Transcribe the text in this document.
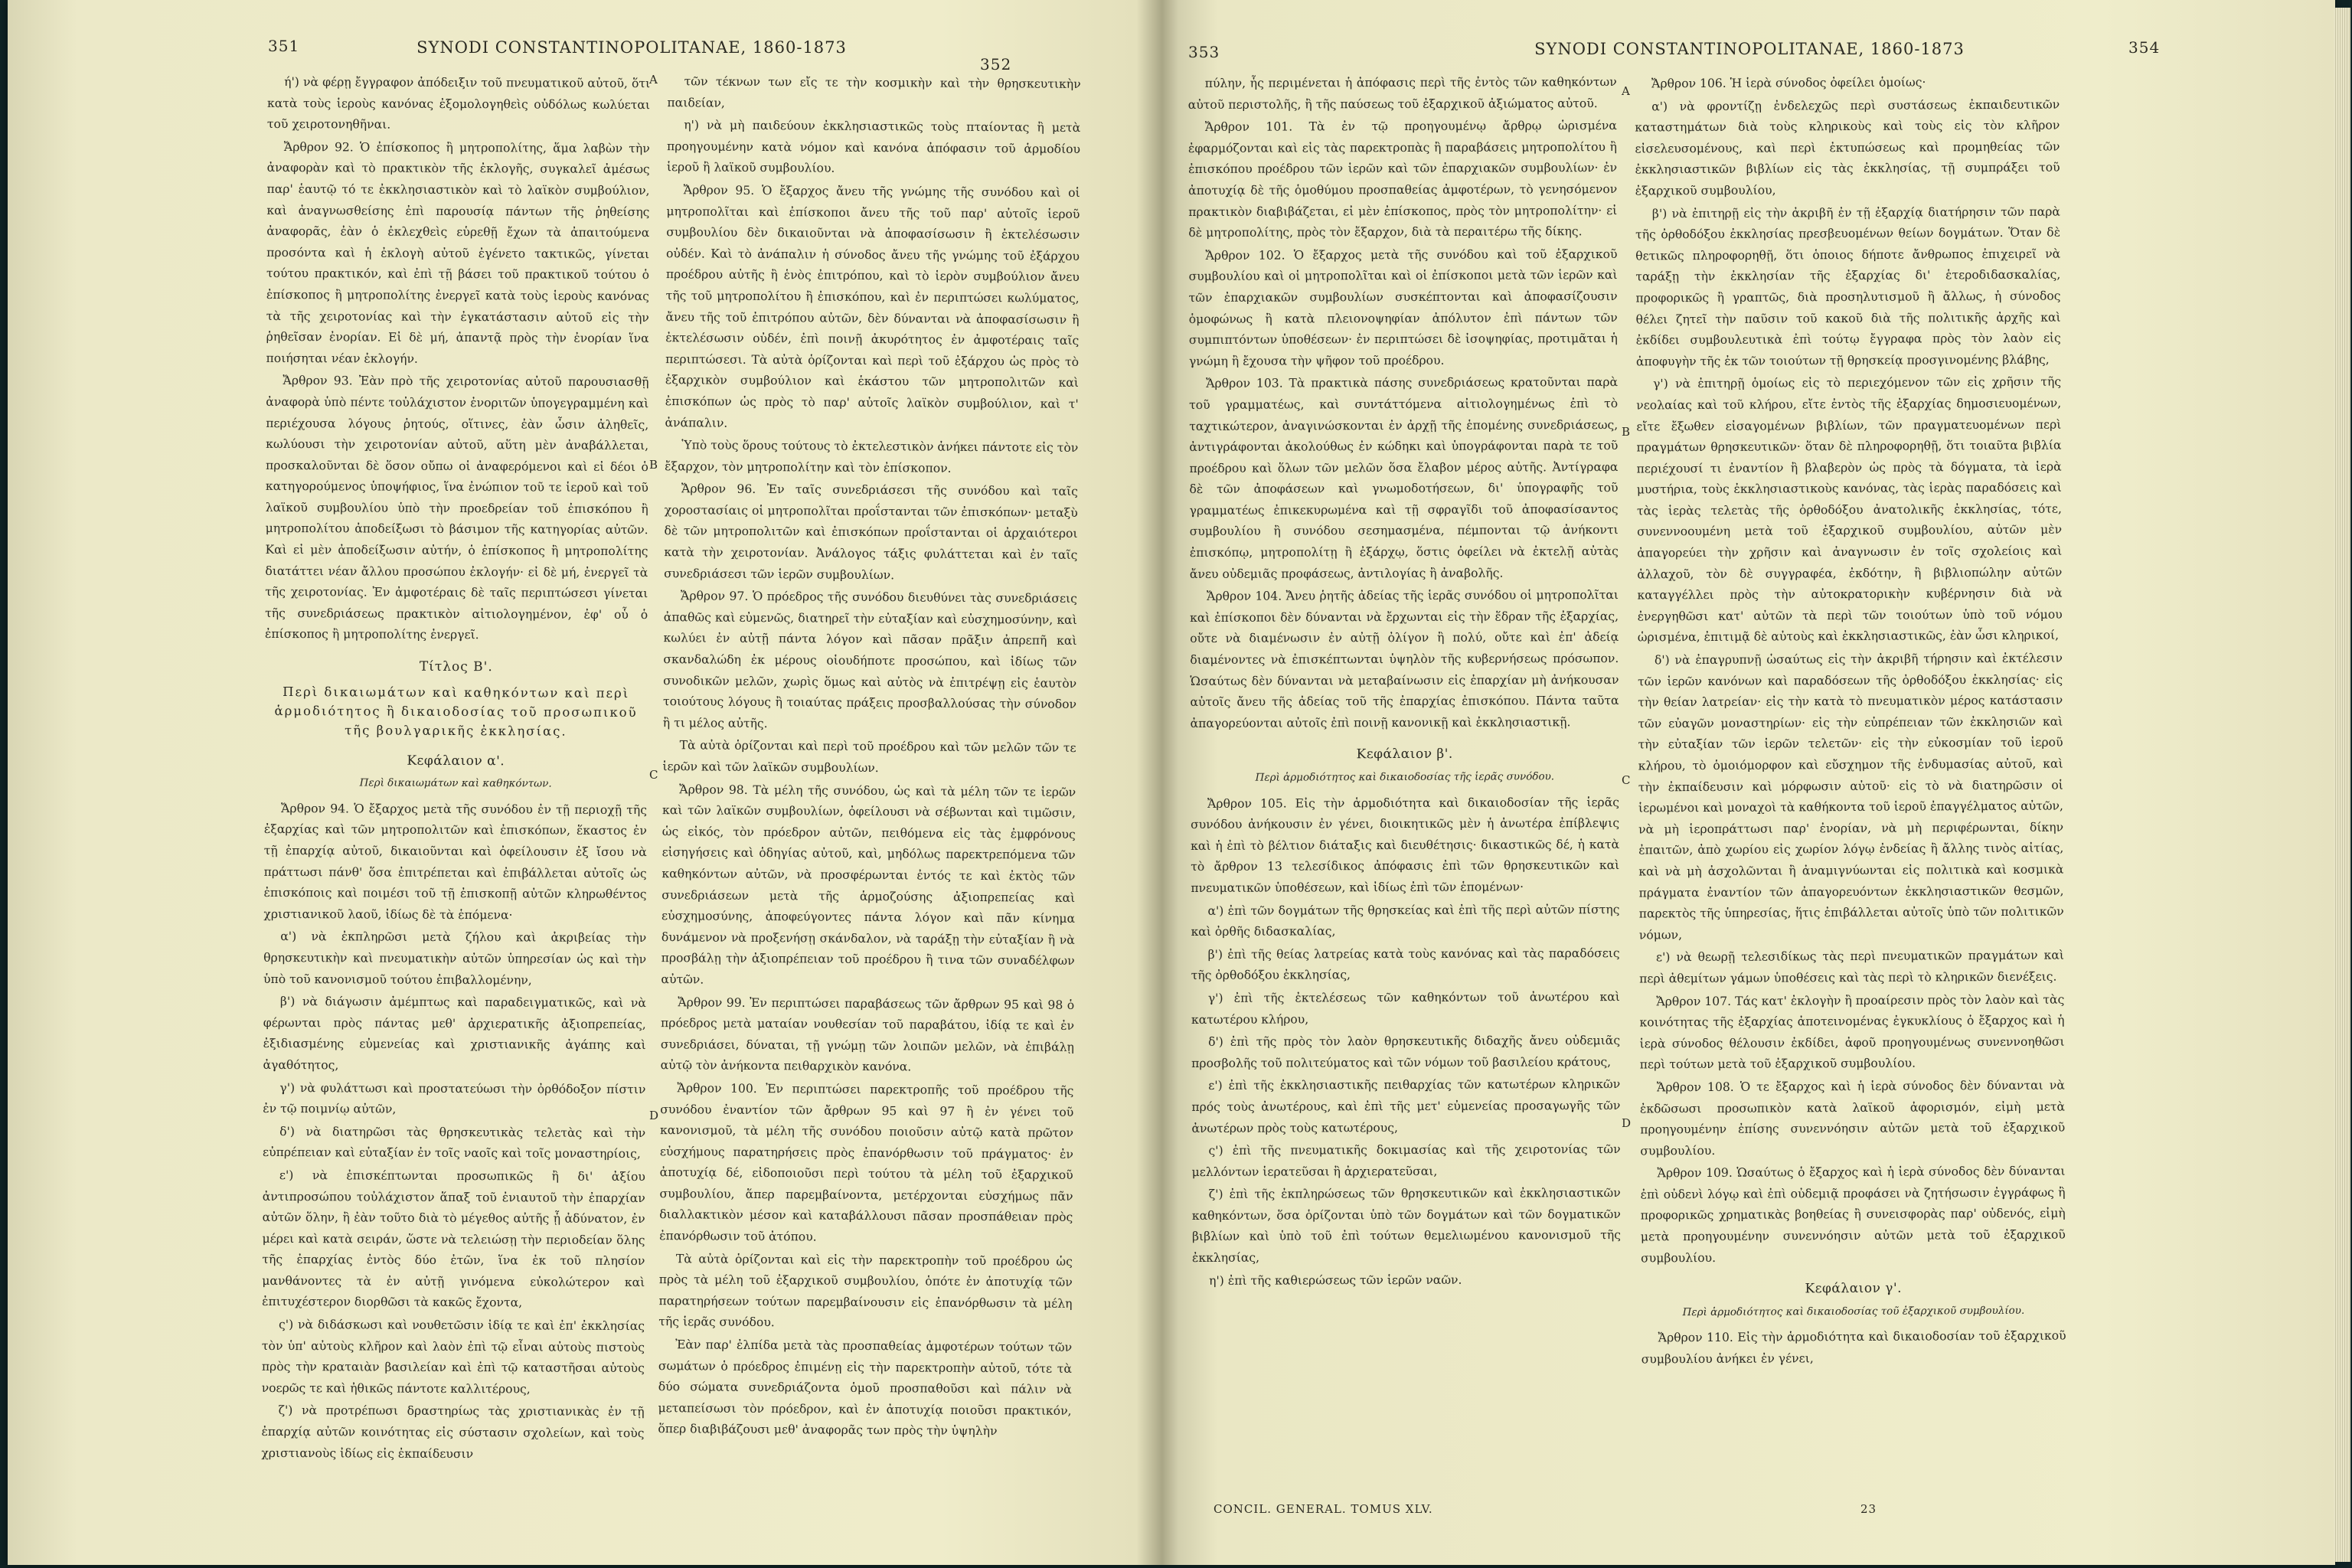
351	SYNODI CONSTANTINOPOLITANAE, 1860-1873
352

ή') νὰ φέρῃ ἔγγραφον ἀπόδειξιν τοῦ πνευματικοῦ αὐτοῦ, ὅτι κατὰ τοὺς ἱεροὺς κανόνας ἐξομολογηθεὶς οὐδόλως κωλύεται τοῦ χειροτονηθῆναι.

Ἄρθρον 92. Ὁ ἐπίσκοπος ἢ μητροπολίτης, ἅμα λαβὼν τὴν ἀναφορὰν καὶ τὸ πρακτικὸν τῆς ἐκλογῆς, συγκαλεῖ ἀμέσως παρ' ἑαυτῷ τό τε ἐκκλησιαστικὸν καὶ τὸ λαϊκὸν συμβούλιον, καὶ ἀναγνωσθείσης ἐπὶ παρουσίᾳ πάντων τῆς ῥηθείσης ἀναφορᾶς, ἐὰν ὁ ἐκλεχθεὶς εὑρεθῇ ἔχων τὰ ἀπαιτούμενα προσόντα καὶ ἡ ἐκλογὴ αὐτοῦ ἐγένετο τακτικῶς, γίνεται τούτου πρακτικόν, καὶ ἐπὶ τῇ βάσει τοῦ πρακτικοῦ τούτου ὁ ἐπίσκοπος ἢ μητροπολίτης ἐνεργεῖ κατὰ τοὺς ἱεροὺς κανόνας τὰ τῆς χειροτονίας καὶ τὴν ἐγκατάστασιν αὐτοῦ εἰς τὴν ῥηθεῖσαν ἐνορίαν. Εἰ δὲ μή, ἀπαντᾷ πρὸς τὴν ἐνορίαν ἵνα ποιήσηται νέαν ἐκλογήν.

Ἄρθρον 93. Ἐὰν πρὸ τῆς χειροτονίας αὐτοῦ παρουσιασθῇ ἀναφορὰ ὑπὸ πέντε τοὐλάχιστον ἐνοριτῶν ὑπογεγραμμένη καὶ περιέχουσα λόγους ῥητούς, οἵτινες, ἐὰν ὦσιν ἀληθεῖς, κωλύουσι τὴν χειροτονίαν αὐτοῦ, αὕτη μὲν ἀναβάλλεται, προσκαλοῦνται δὲ ὅσον οὔπω οἱ ἀναφερόμενοι καὶ εἰ δέοι ὁ κατηγορούμενος ὑποψήφιος, ἵνα ἐνώπιον τοῦ τε ἱεροῦ καὶ τοῦ λαϊκοῦ συμβουλίου ὑπὸ τὴν προεδρείαν τοῦ ἐπισκόπου ἢ μητροπολίτου ἀποδείξωσι τὸ βάσιμον τῆς κατηγορίας αὐτῶν. Καὶ εἰ μὲν ἀποδείξωσιν αὐτήν, ὁ ἐπίσκοπος ἢ μητροπολίτης διατάττει νέαν ἄλλου προσώπου ἐκλογήν· εἰ δὲ μή, ἐνεργεῖ τὰ τῆς χειροτονίας. Ἐν ἀμφοτέραις δὲ ταῖς περιπτώσεσι γίνεται τῆς συνεδριάσεως πρακτικὸν αἰτιολογημένον, ἐφ' οὗ ὁ ἐπίσκοπος ἢ μητροπολίτης ἐνεργεῖ.

Τίτλος Β'.

Περὶ δικαιωμάτων καὶ καθηκόντων καὶ περὶ ἁρμοδιότητος ἢ δικαιοδοσίας τοῦ προσωπικοῦ τῆς βουλγαρικῆς ἐκκλησίας.

Κεφάλαιον α'.

Περὶ δικαιωμάτων καὶ καθηκόντων.

Ἄρθρον 94. Ὁ ἔξαρχος μετὰ τῆς συνόδου ἐν τῇ περιοχῇ τῆς ἐξαρχίας καὶ τῶν μητροπολιτῶν καὶ ἐπισκόπων, ἕκαστος ἐν τῇ ἐπαρχίᾳ αὐτοῦ, δικαιοῦνται καὶ ὀφείλουσιν ἐξ ἴσου νὰ πράττωσι πάνθ' ὅσα ἐπιτρέπεται καὶ ἐπιβάλλεται αὐτοῖς ὡς ἐπισκόποις καὶ ποιμέσι τοῦ τῇ ἐπισκοπῇ αὐτῶν κληρωθέντος χριστιανικοῦ λαοῦ, ἰδίως δὲ τὰ ἑπόμενα·

α') νὰ ἐκπληρῶσι μετὰ ζήλου καὶ ἀκριβείας τὴν θρησκευτικὴν καὶ πνευματικὴν αὐτῶν ὑπηρεσίαν ὡς καὶ τὴν ὑπὸ τοῦ κανονισμοῦ τούτου ἐπιβαλλομένην,

β') νὰ διάγωσιν ἀμέμπτως καὶ παραδειγματικῶς, καὶ νὰ φέρωνται πρὸς πάντας μεθ' ἀρχιερατικῆς ἀξιοπρεπείας, ἐξιδιασμένης εὐμενείας καὶ χριστιανικῆς ἀγάπης καὶ ἀγαθότητος,

γ') νὰ φυλάττωσι καὶ προστατεύωσι τὴν ὀρθόδοξον πίστιν ἐν τῷ ποιμνίῳ αὐτῶν,

δ') νὰ διατηρῶσι τὰς θρησκευτικὰς τελετὰς καὶ τὴν εὐπρέπειαν καὶ εὐταξίαν ἐν τοῖς ναοῖς καὶ τοῖς μοναστηρίοις,

ε') νὰ ἐπισκέπτωνται προσωπικῶς ἢ δι' ἀξίου ἀντιπροσώπου τοὐλάχιστον ἅπαξ τοῦ ἐνιαυτοῦ τὴν ἐπαρχίαν αὐτῶν ὅλην, ἢ ἐὰν τοῦτο διὰ τὸ μέγεθος αὐτῆς ᾖ ἀδύνατον, ἐν μέρει καὶ κατὰ σειράν, ὥστε νὰ τελειώσῃ τὴν περιοδείαν ὅλης τῆς ἐπαρχίας ἐντὸς δύο ἐτῶν, ἵνα ἐκ τοῦ πλησίον μανθάνοντες τὰ ἐν αὐτῇ γινόμενα εὐκολώτερον καὶ ἐπιτυχέστερον διορθῶσι τὰ κακῶς ἔχοντα,

ς') νὰ διδάσκωσι καὶ νουθετῶσιν ἰδίᾳ τε καὶ ἐπ' ἐκκλησίας τὸν ὑπ' αὐτοὺς κλῆρον καὶ λαὸν ἐπὶ τῷ εἶναι αὐτοὺς πιστοὺς πρὸς τὴν κραταιὰν βασιλείαν καὶ ἐπὶ τῷ καταστῆσαι αὐτοὺς νοερῶς τε καὶ ἠθικῶς πάντοτε καλλιτέρους,

ζ') νὰ προτρέπωσι δραστηρίως τὰς χριστιανικὰς ἐν τῇ ἐπαρχίᾳ αὐτῶν κοινότητας εἰς σύστασιν σχολείων, καὶ τοὺς χριστιανοὺς ἰδίως εἰς ἐκπαίδευσιν

A
B
C
D

τῶν τέκνων των εἴς τε τὴν κοσμικὴν καὶ τὴν θρησκευτικὴν παιδείαν,

η') νὰ μὴ παιδεύουν ἐκκλησιαστικῶς τοὺς πταίοντας ἢ μετὰ προηγουμένην κατὰ νόμον καὶ κανόνα ἀπόφασιν τοῦ ἁρμοδίου ἱεροῦ ἢ λαϊκοῦ συμβουλίου.

Ἄρθρον 95. Ὁ ἔξαρχος ἄνευ τῆς γνώμης τῆς συνόδου καὶ οἱ μητροπολῖται καὶ ἐπίσκοποι ἄνευ τῆς τοῦ παρ' αὐτοῖς ἱεροῦ συμβουλίου δὲν δικαιοῦνται νὰ ἀποφασίσωσιν ἢ ἐκτελέσωσιν οὐδέν. Καὶ τὸ ἀνάπαλιν ἡ σύνοδος ἄνευ τῆς γνώμης τοῦ ἐξάρχου προέδρου αὐτῆς ἢ ἑνὸς ἐπιτρόπου, καὶ τὸ ἱερὸν συμβούλιον ἄνευ τῆς τοῦ μητροπολίτου ἢ ἐπισκόπου, καὶ ἐν περιπτώσει κωλύματος, ἄνευ τῆς τοῦ ἐπιτρόπου αὐτῶν, δὲν δύνανται νὰ ἀποφασίσωσιν ἢ ἐκτελέσωσιν οὐδέν, ἐπὶ ποινῇ ἀκυρότητος ἐν ἀμφοτέραις ταῖς περιπτώσεσι. Τὰ αὐτὰ ὁρίζονται καὶ περὶ τοῦ ἐξάρχου ὡς πρὸς τὸ ἐξαρχικὸν συμβούλιον καὶ ἑκάστου τῶν μητροπολιτῶν καὶ ἐπισκόπων ὡς πρὸς τὸ παρ' αὐτοῖς λαϊκὸν συμβούλιον, καὶ τ' ἀνάπαλιν.

Ὑπὸ τοὺς ὅρους τούτους τὸ ἐκτελεστικὸν ἀνήκει πάντοτε εἰς τὸν ἔξαρχον, τὸν μητροπολίτην καὶ τὸν ἐπίσκοπον.

Ἄρθρον 96. Ἐν ταῖς συνεδριάσεσι τῆς συνόδου καὶ ταῖς χοροστασίαις οἱ μητροπολῖται προΐστανται τῶν ἐπισκόπων· μεταξὺ δὲ τῶν μητροπολιτῶν καὶ ἐπισκόπων προΐστανται οἱ ἀρχαιότεροι κατὰ τὴν χειροτονίαν. Ἀνάλογος τάξις φυλάττεται καὶ ἐν ταῖς συνεδριάσεσι τῶν ἱερῶν συμβουλίων.

Ἄρθρον 97. Ὁ πρόεδρος τῆς συνόδου διευθύνει τὰς συνεδριάσεις ἀπαθῶς καὶ εὐμενῶς, διατηρεῖ τὴν εὐταξίαν καὶ εὐσχημοσύνην, καὶ κωλύει ἐν αὐτῇ πάντα λόγον καὶ πᾶσαν πρᾶξιν ἀπρεπῆ καὶ σκανδαλώδη ἐκ μέρους οἱουδήποτε προσώπου, καὶ ἰδίως τῶν συνοδικῶν μελῶν, χωρὶς ὅμως καὶ αὐτὸς νὰ ἐπιτρέψῃ εἰς ἑαυτὸν τοιούτους λόγους ἢ τοιαύτας πράξεις προσβαλλούσας τὴν σύνοδον ἢ τι μέλος αὐτῆς.

Τὰ αὐτὰ ὁρίζονται καὶ περὶ τοῦ προέδρου καὶ τῶν μελῶν τῶν τε ἱερῶν καὶ τῶν λαϊκῶν συμβουλίων.

Ἄρθρον 98. Τὰ μέλη τῆς συνόδου, ὡς καὶ τὰ μέλη τῶν τε ἱερῶν καὶ τῶν λαϊκῶν συμβουλίων, ὀφείλουσι νὰ σέβωνται καὶ τιμῶσιν, ὡς εἰκός, τὸν πρόεδρον αὐτῶν, πειθόμενα εἰς τὰς ἐμφρόνους εἰσηγήσεις καὶ ὁδηγίας αὐτοῦ, καὶ, μηδόλως παρεκτρεπόμενα τῶν καθηκόντων αὐτῶν, νὰ προσφέρωνται ἐντός τε καὶ ἐκτὸς τῶν συνεδριάσεων μετὰ τῆς ἁρμοζούσης ἀξιοπρεπείας καὶ εὐσχημοσύνης, ἀποφεύγοντες πάντα λόγον καὶ πᾶν κίνημα δυνάμενον νὰ προξενήσῃ σκάνδαλον, νὰ ταράξῃ τὴν εὐταξίαν ἢ νὰ προσβάλῃ τὴν ἀξιοπρέπειαν τοῦ προέδρου ἢ τινα τῶν συναδέλφων αὐτῶν.

Ἄρθρον 99. Ἐν περιπτώσει παραβάσεως τῶν ἄρθρων 95 καὶ 98 ὁ πρόεδρος μετὰ ματαίαν νουθεσίαν τοῦ παραβάτου, ἰδίᾳ τε καὶ ἐν συνεδριάσει, δύναται, τῇ γνώμῃ τῶν λοιπῶν μελῶν, νὰ ἐπιβάλῃ αὐτῷ τὸν ἀνήκοντα πειθαρχικὸν κανόνα.

Ἄρθρον 100. Ἐν περιπτώσει παρεκτροπῆς τοῦ προέδρου τῆς συνόδου ἐναντίον τῶν ἄρθρων 95 καὶ 97 ἢ ἐν γένει τοῦ κανονισμοῦ, τὰ μέλη τῆς συνόδου ποιοῦσιν αὐτῷ κατὰ πρῶτον εὐσχήμους παρατηρήσεις πρὸς ἐπανόρθωσιν τοῦ πράγματος· ἐν ἀποτυχίᾳ δέ, εἰδοποιοῦσι περὶ τούτου τὰ μέλη τοῦ ἐξαρχικοῦ συμβουλίου, ἅπερ παρεμβαίνοντα, μετέρχονται εὐσχήμως πᾶν διαλλακτικὸν μέσον καὶ καταβάλλουσι πᾶσαν προσπάθειαν πρὸς ἐπανόρθωσιν τοῦ ἀτόπου.

Τὰ αὐτὰ ὁρίζονται καὶ εἰς τὴν παρεκτροπὴν τοῦ προέδρου ὡς πρὸς τὰ μέλη τοῦ ἐξαρχικοῦ συμβουλίου, ὁπότε ἐν ἀποτυχίᾳ τῶν παρατηρήσεων τούτων παρεμβαίνουσιν εἰς ἐπανόρθωσιν τὰ μέλη τῆς ἱερᾶς συνόδου.

Ἐὰν παρ' ἐλπίδα μετὰ τὰς προσπαθείας ἀμφοτέρων τούτων τῶν σωμάτων ὁ πρόεδρος ἐπιμένῃ εἰς τὴν παρεκτροπὴν αὐτοῦ, τότε τὰ δύο σώματα συνεδριάζοντα ὁμοῦ προσπαθοῦσι καὶ πάλιν νὰ μεταπείσωσι τὸν πρόεδρον, καὶ ἐν ἀποτυχίᾳ ποιοῦσι πρακτικόν, ὅπερ διαβιβάζουσι μεθ' ἀναφορᾶς των πρὸς τὴν ὑψηλὴν

353	SYNODI CONSTANTINOPOLITANAE, 1860-1873	354

πύλην, ἧς περιμένεται ἡ ἀπόφασις περὶ τῆς ἐντὸς τῶν καθηκόντων αὐτοῦ περιστολῆς, ἢ τῆς παύσεως τοῦ ἐξαρχικοῦ ἀξιώματος αὐτοῦ.

Ἄρθρον 101. Τὰ ἐν τῷ προηγουμένῳ ἄρθρῳ ὡρισμένα ἐφαρμόζονται καὶ εἰς τὰς παρεκτροπὰς ἢ παραβάσεις μητροπολίτου ἢ ἐπισκόπου προέδρου τῶν ἱερῶν καὶ τῶν ἐπαρχιακῶν συμβουλίων· ἐν ἀποτυχίᾳ δὲ τῆς ὁμοθύμου προσπαθείας ἀμφοτέρων, τὸ γενησόμενον πρακτικὸν διαβιβάζεται, εἰ μὲν ἐπίσκοπος, πρὸς τὸν μητροπολίτην· εἰ δὲ μητροπολίτης, πρὸς τὸν ἔξαρχον, διὰ τὰ περαιτέρω τῆς δίκης.

Ἄρθρον 102. Ὁ ἔξαρχος μετὰ τῆς συνόδου καὶ τοῦ ἐξαρχικοῦ συμβουλίου καὶ οἱ μητροπολῖται καὶ οἱ ἐπίσκοποι μετὰ τῶν ἱερῶν καὶ τῶν ἐπαρχιακῶν συμβουλίων συσκέπτονται καὶ ἀποφασίζουσιν ὁμοφώνως ἢ κατὰ πλειονοψηφίαν ἀπόλυτον ἐπὶ πάντων τῶν συμπιπτόντων ὑποθέσεων· ἐν περιπτώσει δὲ ἰσοψηφίας, προτιμᾶται ἡ γνώμη ἢ ἔχουσα τὴν ψῆφον τοῦ προέδρου.

Ἄρθρον 103. Τὰ πρακτικὰ πάσης συνεδριάσεως κρατοῦνται παρὰ τοῦ γραμματέως, καὶ συντάττόμενα αἰτιολογημένως ἐπὶ τὸ ταχτικώτερον, ἀναγινώσκονται ἐν ἀρχῇ τῆς ἑπομένης συνεδριάσεως, ἀντιγράφονται ἀκολούθως ἐν κώδηκι καὶ ὑπογράφονται παρὰ τε τοῦ προέδρου καὶ ὅλων τῶν μελῶν ὅσα ἔλαβον μέρος αὐτῆς. Ἀντίγραφα δὲ τῶν ἀποφάσεων καὶ γνωμοδοτήσεων, δι' ὑπογραφῆς τοῦ γραμματέως ἐπικεκυρωμένα καὶ τῇ σφραγῖδι τοῦ ἀποφασίσαντος συμβουλίου ἢ συνόδου σεσημασμένα, πέμπονται τῷ ἀνήκοντι ἐπισκόπῳ, μητροπολίτῃ ἢ ἐξάρχῳ, ὅστις ὀφείλει νὰ ἐκτελῇ αὐτὰς ἄνευ οὐδεμιᾶς προφάσεως, ἀντιλογίας ἢ ἀναβολῆς.

Ἄρθρον 104. Ἄνευ ῥητῆς ἀδείας τῆς ἱερᾶς συνόδου οἱ μητροπολῖται καὶ ἐπίσκοποι δὲν δύνανται νὰ ἔρχωνται εἰς τὴν ἕδραν τῆς ἐξαρχίας, οὔτε νὰ διαμένωσιν ἐν αὐτῇ ὀλίγον ἢ πολύ, οὔτε καὶ ἐπ' ἀδείᾳ διαμένοντες νὰ ἐπισκέπτωνται ὑψηλὸν τῆς κυβερνήσεως πρόσωπον. Ὡσαύτως δὲν δύνανται νὰ μεταβαίνωσιν εἰς ἐπαρχίαν μὴ ἀνήκουσαν αὐτοῖς ἄνευ τῆς ἀδείας τοῦ τῆς ἐπαρχίας ἐπισκόπου. Πάντα ταῦτα ἀπαγορεύονται αὐτοῖς ἐπὶ ποινῇ κανονικῇ καὶ ἐκκλησιαστικῇ.

Κεφάλαιον β'.

Περὶ ἁρμοδιότητος καὶ δικαιοδοσίας τῆς ἱερᾶς συνόδου.

Ἄρθρον 105. Εἰς τὴν ἁρμοδιότητα καὶ δικαιοδοσίαν τῆς ἱερᾶς συνόδου ἀνήκουσιν ἐν γένει, διοικητικῶς μὲν ἡ ἀνωτέρα ἐπίβλεψις καὶ ἡ ἐπὶ τὸ βέλτιον διάταξις καὶ διευθέτησις· δικαστικῶς δέ, ἡ κατὰ τὸ ἄρθρον 13 τελεσίδικος ἀπόφασις ἐπὶ τῶν θρησκευτικῶν καὶ πνευματικῶν ὑποθέσεων, καὶ ἰδίως ἐπὶ τῶν ἑπομένων·

α') ἐπὶ τῶν δογμάτων τῆς θρησκείας καὶ ἐπὶ τῆς περὶ αὐτῶν πίστης καὶ ὀρθῆς διδασκαλίας,

β') ἐπὶ τῆς θείας λατρείας κατὰ τοὺς κανόνας καὶ τὰς παραδόσεις τῆς ὀρθοδόξου ἐκκλησίας,

γ') ἐπὶ τῆς ἐκτελέσεως τῶν καθηκόντων τοῦ ἀνωτέρου καὶ κατωτέρου κλήρου,

δ') ἐπὶ τῆς πρὸς τὸν λαὸν θρησκευτικῆς διδαχῆς ἄνευ οὐδεμιᾶς προσβολῆς τοῦ πολιτεύματος καὶ τῶν νόμων τοῦ βασιλείου κράτους,

ε') ἐπὶ τῆς ἐκκλησιαστικῆς πειθαρχίας τῶν κατωτέρων κληρικῶν πρός τοὺς ἀνωτέρους, καὶ ἐπὶ τῆς μετ' εὐμενείας προσαγωγῆς τῶν ἀνωτέρων πρὸς τοὺς κατωτέρους,

ς') ἐπὶ τῆς πνευματικῆς δοκιμασίας καὶ τῆς χειροτονίας τῶν μελλόντων ἱερατεῦσαι ἢ ἀρχιερατεῦσαι,

ζ') ἐπὶ τῆς ἐκπληρώσεως τῶν θρησκευτικῶν καὶ ἐκκλησιαστικῶν καθηκόντων, ὅσα ὁρίζονται ὑπὸ τῶν δογμάτων καὶ τῶν δογματικῶν βιβλίων καὶ ὑπὸ τοῦ ἐπὶ τούτων θεμελιωμένου κανονισμοῦ τῆς ἐκκλησίας,

η') ἐπὶ τῆς καθιερώσεως τῶν ἱερῶν ναῶν.

A
B
C
D

Ἄρθρον 106. Ἡ ἱερὰ σύνοδος ὀφείλει ὁμοίως·

α') νὰ φροντίζῃ ἐνδελεχῶς περὶ συστάσεως ἐκπαιδευτικῶν καταστημάτων διὰ τοὺς κληρικοὺς καὶ τοὺς εἰς τὸν κλῆρον εἰσελευσομένους, καὶ περὶ ἐκτυπώσεως καὶ προμηθείας τῶν ἐκκλησιαστικῶν βιβλίων εἰς τὰς ἐκκλησίας, τῇ συμπράξει τοῦ ἐξαρχικοῦ συμβουλίου,

β') νὰ ἐπιτηρῇ εἰς τὴν ἀκριβῆ ἐν τῇ ἐξαρχίᾳ διατήρησιν τῶν παρὰ τῆς ὀρθοδόξου ἐκκλησίας πρεσβευομένων θείων δογμάτων. Ὅταν δὲ θετικῶς πληροφορηθῇ, ὅτι ὁποιος δήποτε ἄνθρωπος ἐπιχειρεῖ νὰ ταράξῃ τὴν ἐκκλησίαν τῆς ἐξαρχίας δι' ἑτεροδιδασκαλίας, προφορικῶς ἢ γραπτῶς, διὰ προσηλυτισμοῦ ἢ ἄλλως, ἡ σύνοδος θέλει ζητεῖ τὴν παῦσιν τοῦ κακοῦ διὰ τῆς πολιτικῆς ἀρχῆς καὶ ἐκδίδει συμβουλευτικὰ ἐπὶ τούτῳ ἔγγραφα πρὸς τὸν λαὸν εἰς ἀποφυγὴν τῆς ἐκ τῶν τοιούτων τῇ θρησκείᾳ προσγινομένης βλάβης,

γ') νὰ ἐπιτηρῇ ὁμοίως εἰς τὸ περιεχόμενον τῶν εἰς χρῆσιν τῆς νεολαίας καὶ τοῦ κλήρου, εἴτε ἐντὸς τῆς ἐξαρχίας δημοσιευομένων, εἴτε ἔξωθεν εἰσαγομένων βιβλίων, τῶν πραγματευομένων περὶ πραγμάτων θρησκευτικῶν· ὅταν δὲ πληροφορηθῇ, ὅτι τοιαῦτα βιβλία περιέχουσί τι ἐναντίον ἢ βλαβερὸν ὡς πρὸς τὰ δόγματα, τὰ ἱερὰ μυστήρια, τοὺς ἐκκλησιαστικοὺς κανόνας, τὰς ἱερὰς παραδόσεις καὶ τὰς ἱερὰς τελετὰς τῆς ὀρθοδόξου ἀνατολικῆς ἐκκλησίας, τότε, συνεννοουμένη μετὰ τοῦ ἐξαρχικοῦ συμβουλίου, αὐτῶν μὲν ἀπαγορεύει τὴν χρῆσιν καὶ ἀναγνωσιν ἐν τοῖς σχολείοις καὶ ἀλλαχοῦ, τὸν δὲ συγγραφέα, ἐκδότην, ἢ βιβλιοπώλην αὐτῶν καταγγέλλει πρὸς τὴν αὐτοκρατορικὴν κυβέρνησιν διὰ νὰ ἐνεργηθῶσι κατ' αὐτῶν τὰ περὶ τῶν τοιούτων ὑπὸ τοῦ νόμου ὡρισμένα, ἐπιτιμᾷ δὲ αὐτοὺς καὶ ἐκκλησιαστικῶς, ἐὰν ὦσι κληρικοί,

δ') νὰ ἐπαγρυπνῇ ὡσαύτως εἰς τὴν ἀκριβῆ τήρησιν καὶ ἐκτέλεσιν τῶν ἱερῶν κανόνων καὶ παραδόσεων τῆς ὀρθοδόξου ἐκκλησίας· εἰς τὴν θείαν λατρείαν· εἰς τὴν κατὰ τὸ πνευματικὸν μέρος κατάστασιν τῶν εὐαγῶν μοναστηρίων· εἰς τὴν εὐπρέπειαν τῶν ἐκκλησιῶν καὶ τὴν εὐταξίαν τῶν ἱερῶν τελετῶν· εἰς τὴν εὐκοσμίαν τοῦ ἱεροῦ κλήρου, τὸ ὁμοιόμορφον καὶ εὔσχημον τῆς ἐνδυμασίας αὐτοῦ, καὶ τὴν ἐκπαίδευσιν καὶ μόρφωσιν αὐτοῦ· εἰς τὸ νὰ διατηρῶσιν οἱ ἱερωμένοι καὶ μοναχοὶ τὰ καθήκοντα τοῦ ἱεροῦ ἐπαγγέλματος αὐτῶν, νὰ μὴ ἱεροπράττωσι παρ' ἐνορίαν, νὰ μὴ περιφέρωνται, δίκην ἐπαιτῶν, ἀπὸ χωρίου εἰς χωρίον λόγῳ ἐνδείας ἢ ἄλλης τινὸς αἰτίας, καὶ νὰ μὴ ἀσχολῶνται ἢ ἀναμιγνύωνται εἰς πολιτικὰ καὶ κοσμικὰ πράγματα ἐναντίον τῶν ἀπαγορευόντων ἐκκλησιαστικῶν θεσμῶν, παρεκτὸς τῆς ὑπηρεσίας, ἥτις ἐπιβάλλεται αὐτοῖς ὑπὸ τῶν πολιτικῶν νόμων,

ε') νὰ θεωρῇ τελεσιδίκως τὰς περὶ πνευματικῶν πραγμάτων καὶ περὶ ἀθεμίτων γάμων ὑποθέσεις καὶ τὰς περὶ τὸ κληρικῶν διενέξεις.

Ἄρθρον 107. Τάς κατ' ἐκλογὴν ἢ προαίρεσιν πρὸς τὸν λαὸν καὶ τὰς κοινότητας τῆς ἐξαρχίας ἀποτεινομένας ἐγκυκλίους ὁ ἔξαρχος καὶ ἡ ἱερὰ σύνοδος θέλουσιν ἐκδίδει, ἀφοῦ προηγουμένως συνεννοηθῶσι περὶ τούτων μετὰ τοῦ ἐξαρχικοῦ συμβουλίου.

Ἄρθρον 108. Ὁ τε ἔξαρχος καὶ ἡ ἱερὰ σύνοδος δὲν δύνανται νὰ ἐκδῶσωσι προσωπικὸν κατὰ λαϊκοῦ ἀφορισμόν, εἰμὴ μετὰ προηγουμένην ἐπίσης συνεννόησιν αὐτῶν μετὰ τοῦ ἐξαρχικοῦ συμβουλίου.

Ἄρθρον 109. Ὡσαύτως ὁ ἔξαρχος καὶ ἡ ἱερὰ σύνοδος δὲν δύνανται ἐπὶ οὐδενὶ λόγῳ καὶ ἐπὶ οὐδεμιᾷ προφάσει νὰ ζητήσωσιν ἐγγράφως ἢ προφορικῶς χρηματικὰς βοηθείας ἢ συνεισφορὰς παρ' οὐδενός, εἰμὴ μετὰ προηγουμένην συνεννόησιν αὐτῶν μετὰ τοῦ ἐξαρχικοῦ συμβουλίου.

Κεφάλαιον γ'.

Περὶ ἁρμοδιότητος καὶ δικαιοδοσίας τοῦ ἐξαρχικοῦ συμβουλίου.

Ἄρθρον 110. Εἰς τὴν ἁρμοδιότητα καὶ δικαιοδοσίαν τοῦ ἐξαρχικοῦ συμβουλίου ἀνήκει ἐν γένει,

CONCIL. GENERAL. TOMUS XLV.	23
